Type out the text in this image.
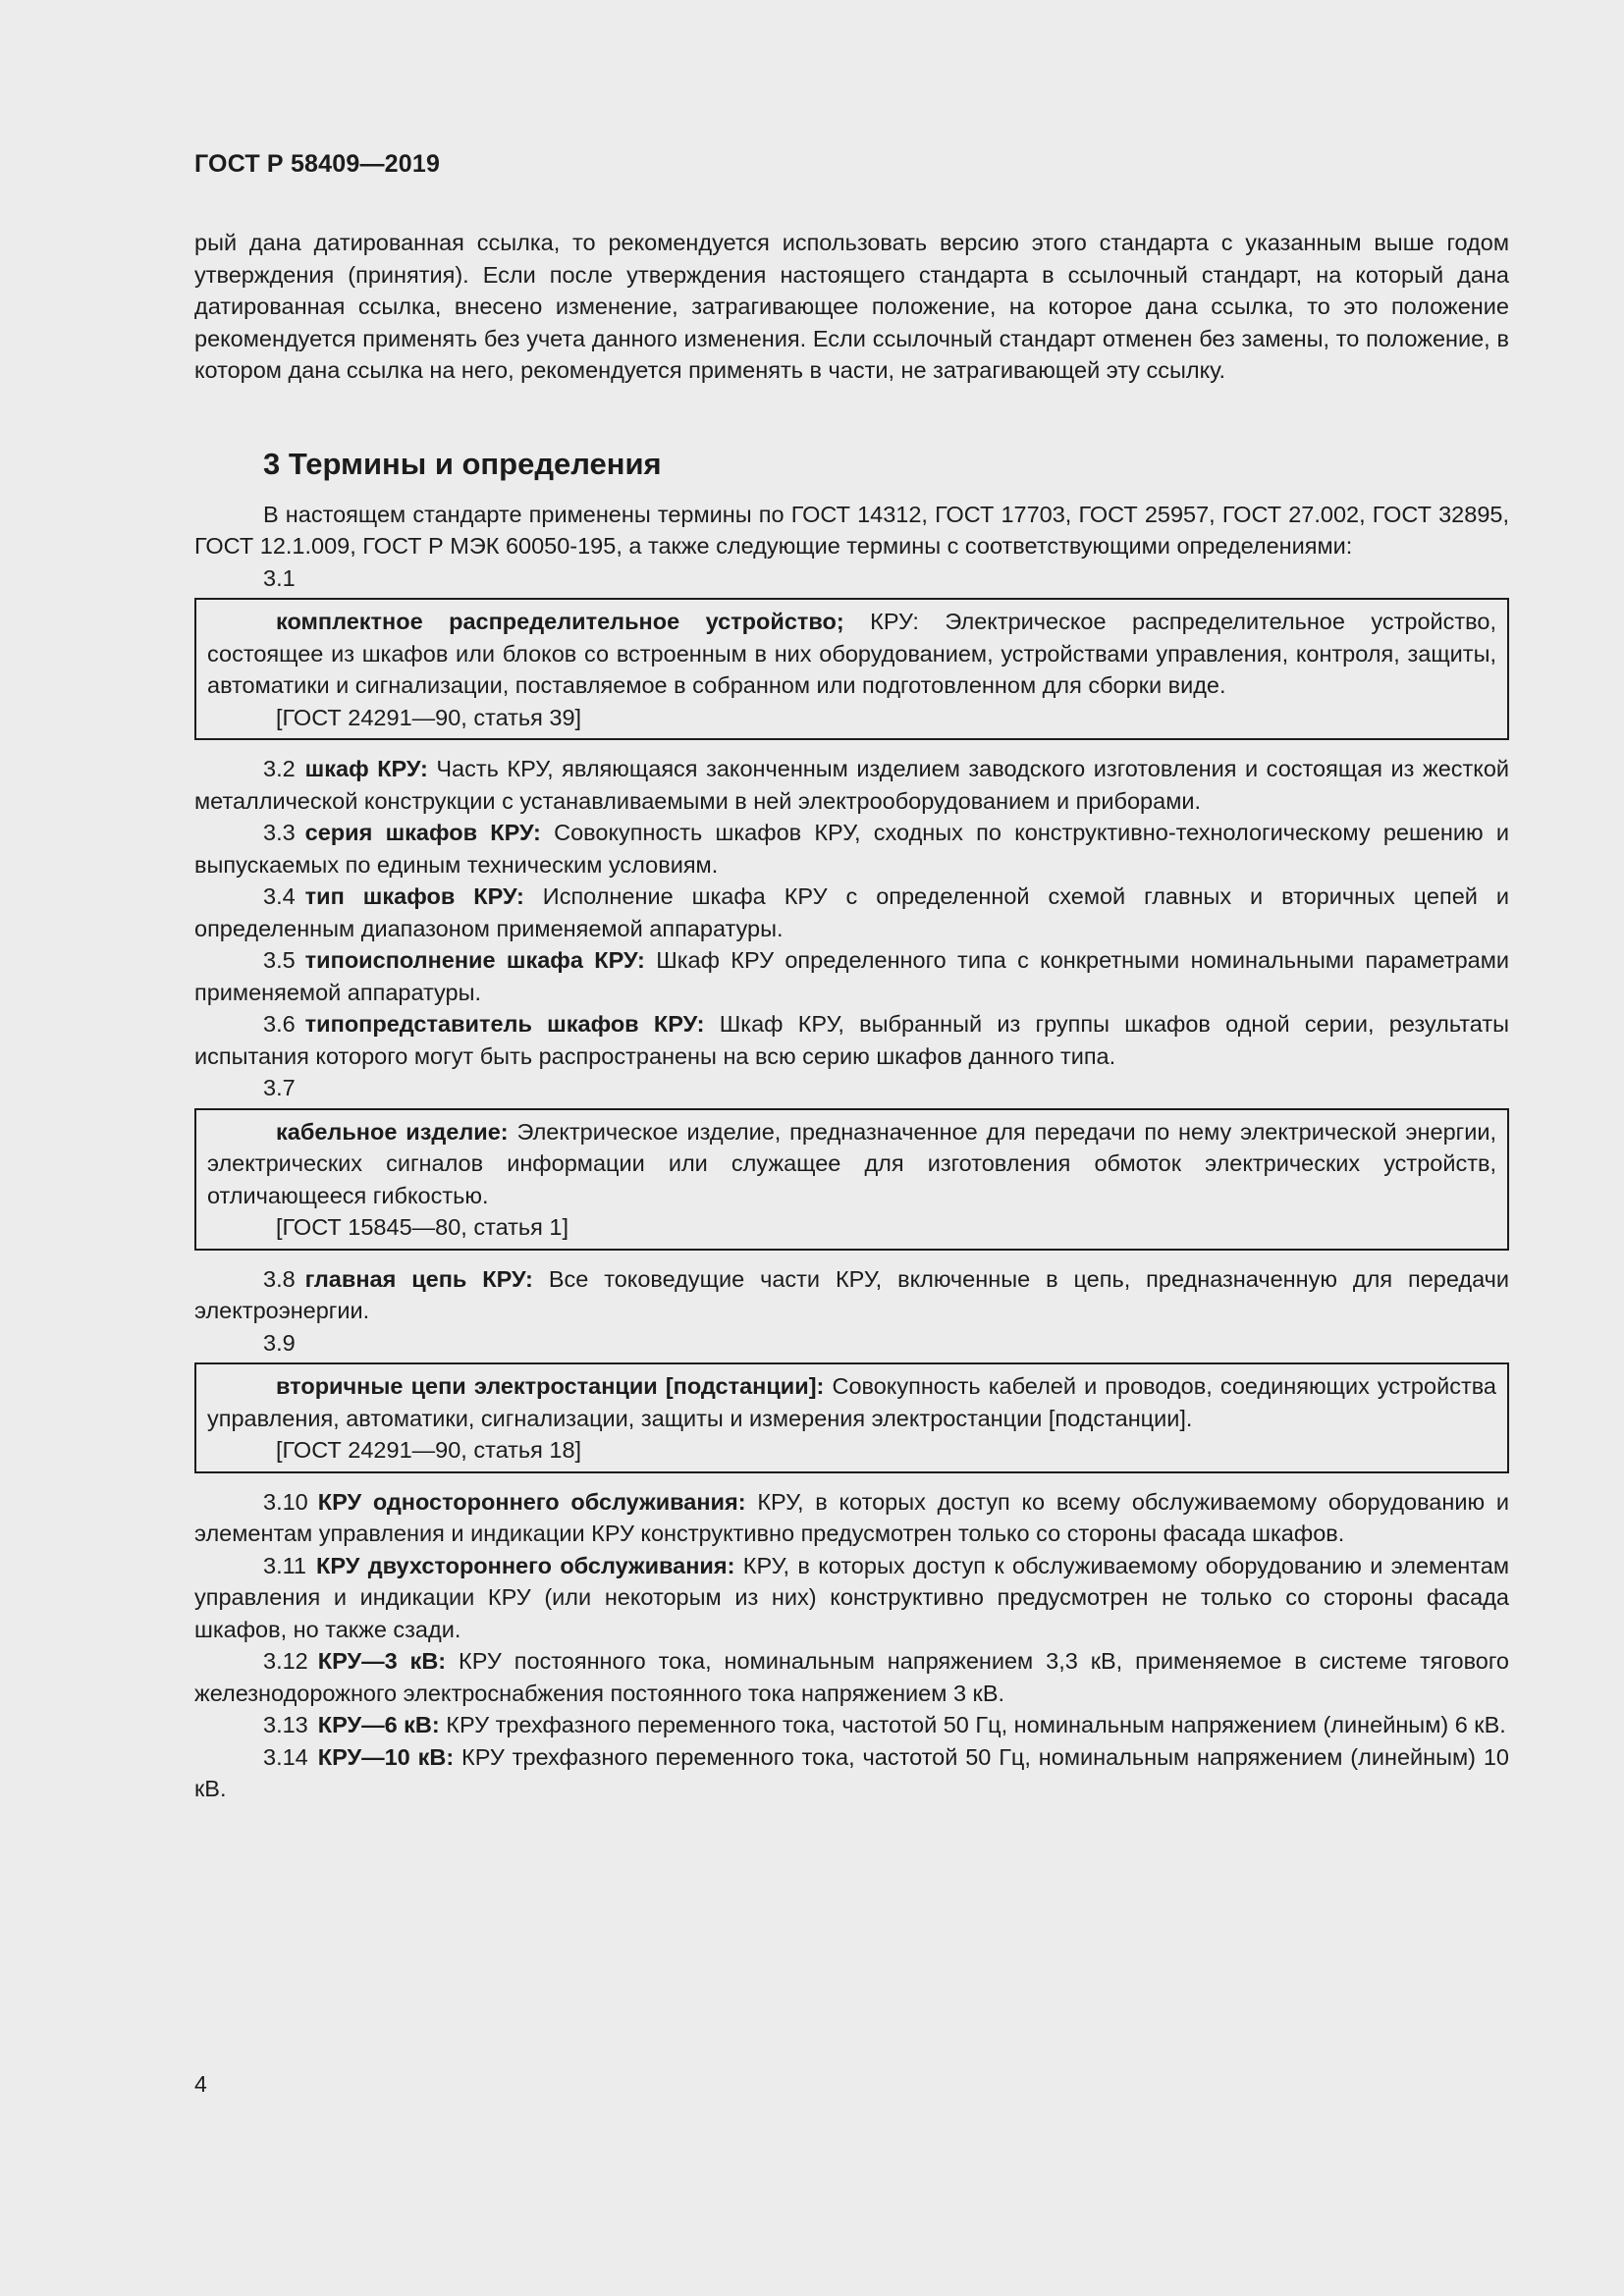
ГОСТ Р 58409—2019

рый дана датированная ссылка, то рекомендуется использовать версию этого стандарта с указанным выше годом утверждения (принятия). Если после утверждения настоящего стандарта в ссылочный стандарт, на который дана датированная ссылка, внесено изменение, затрагивающее положение, на которое дана ссылка, то это положение рекомендуется применять без учета данного изменения. Если ссылочный стандарт отменен без замены, то положение, в котором дана ссылка на него, рекомендуется применять в части, не затрагивающей эту ссылку.

3 Термины и определения

В настоящем стандарте применены термины по ГОСТ 14312, ГОСТ 17703, ГОСТ 25957, ГОСТ 27.002, ГОСТ 32895, ГОСТ 12.1.009, ГОСТ Р МЭК 60050-195, а также следующие термины с соответствующими определениями:

3.1

комплектное распределительное устройство; КРУ: Электрическое распределительное устройство, состоящее из шкафов или блоков со встроенным в них оборудованием, устройствами управления, контроля, защиты, автоматики и сигнализации, поставляемое в собранном или подготовленном для сборки виде.

[ГОСТ 24291—90, статья 39]

3.2 шкаф КРУ: Часть КРУ, являющаяся законченным изделием заводского изготовления и состоящая из жесткой металлической конструкции с устанавливаемыми в ней электрооборудованием и приборами.

3.3 серия шкафов КРУ: Совокупность шкафов КРУ, сходных по конструктивно-технологическому решению и выпускаемых по единым техническим условиям.

3.4 тип шкафов КРУ: Исполнение шкафа КРУ с определенной схемой главных и вторичных цепей и определенным диапазоном применяемой аппаратуры.

3.5 типоисполнение шкафа КРУ: Шкаф КРУ определенного типа с конкретными номинальными параметрами применяемой аппаратуры.

3.6 типопредставитель шкафов КРУ: Шкаф КРУ, выбранный из группы шкафов одной серии, результаты испытания которого могут быть распространены на всю серию шкафов данного типа.

3.7

кабельное изделие: Электрическое изделие, предназначенное для передачи по нему электрической энергии, электрических сигналов информации или служащее для изготовления обмоток электрических устройств, отличающееся гибкостью.

[ГОСТ 15845—80, статья 1]

3.8 главная цепь КРУ: Все токоведущие части КРУ, включенные в цепь, предназначенную для передачи электроэнергии.

3.9

вторичные цепи электростанции [подстанции]: Совокупность кабелей и проводов, соединяющих устройства управления, автоматики, сигнализации, защиты и измерения электростанции [подстанции].

[ГОСТ 24291—90, статья 18]

3.10 КРУ одностороннего обслуживания: КРУ, в которых доступ ко всему обслуживаемому оборудованию и элементам управления и индикации КРУ конструктивно предусмотрен только со стороны фасада шкафов.

3.11 КРУ двухстороннего обслуживания: КРУ, в которых доступ к обслуживаемому оборудованию и элементам управления и индикации КРУ (или некоторым из них) конструктивно предусмотрен не только со стороны фасада шкафов, но также сзади.

3.12 КРУ—3 кВ: КРУ постоянного тока, номинальным напряжением 3,3 кВ, применяемое в системе тягового железнодорожного электроснабжения постоянного тока напряжением 3 кВ.

3.13 КРУ—6 кВ: КРУ трехфазного переменного тока, частотой 50 Гц, номинальным напряжением (линейным) 6 кВ.

3.14 КРУ—10 кВ: КРУ трехфазного переменного тока, частотой 50 Гц, номинальным напряжением (линейным) 10 кВ.

4
